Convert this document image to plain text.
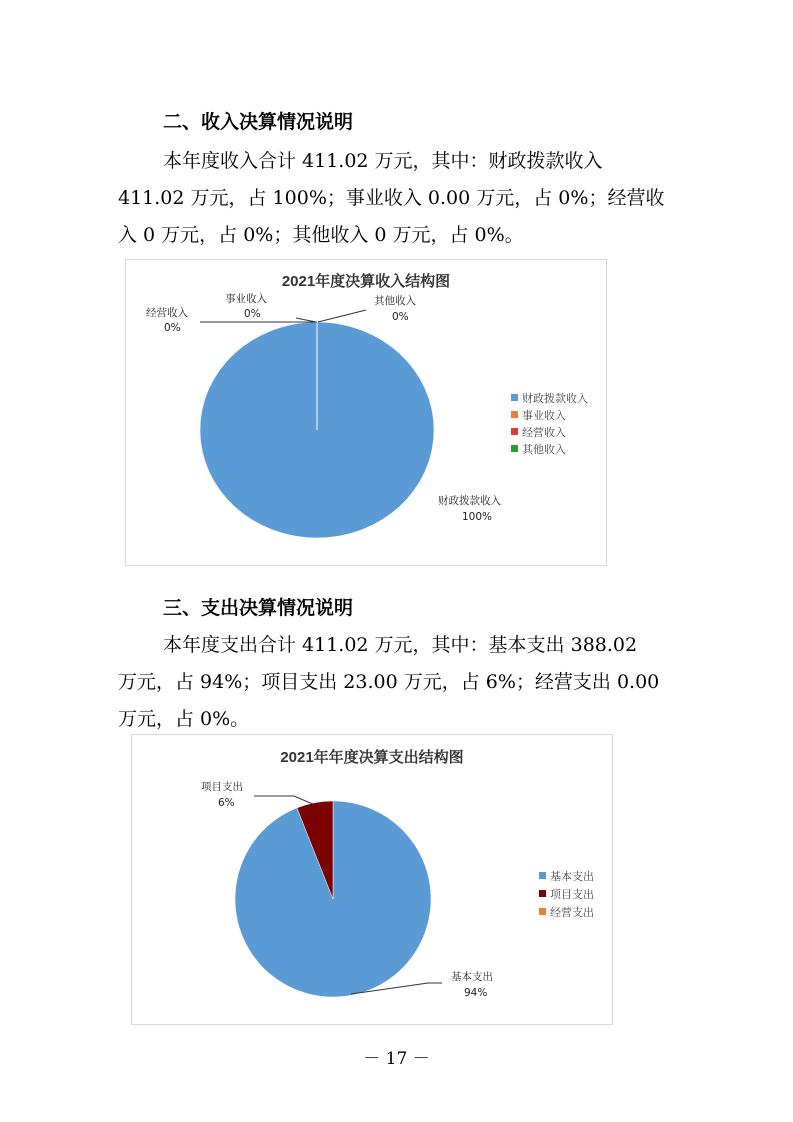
二、收入决算情况说明
本年度收入合计 411.02 万元，其中：财政拨款收入
411.02 万元，占 100%；事业收入 0.00 万元，占 0%；经营收
入 0 万元，占 0%；其他收入 0 万元，占 0%。
2021年度决算收入结构图
经营收入
0%
事业收入
0%
其他收入
0%
财政拨款收入
100%
财政拨款收入
事业收入
经营收入
其他收入
三、支出决算情况说明
本年度支出合计 411.02 万元，其中：基本支出 388.02
万元，占 94%；项目支出 23.00 万元，占 6%；经营支出 0.00
万元，占 0%。
2021年年度决算支出结构图
项目支出
6%
基本支出
94%
基本支出
项目支出
经营支出
－ 17 －
